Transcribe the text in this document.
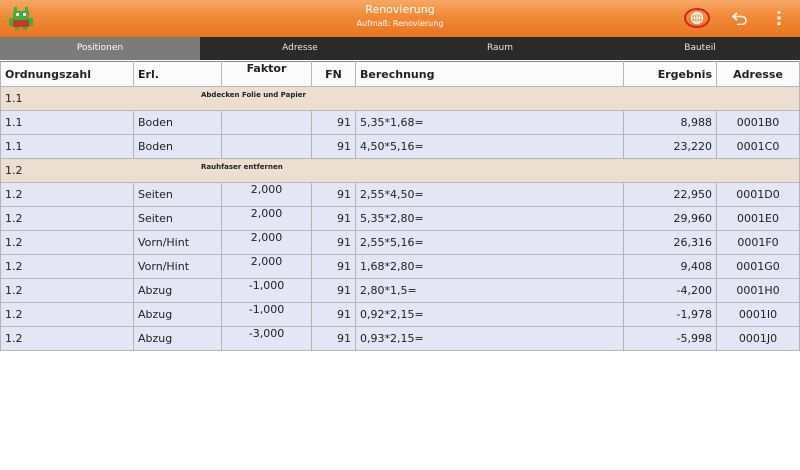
Renovierung
Aufmaß: Renovierung
Positionen	Adresse	Raum	Bauteil
Ordnungszahl	Erl.	Faktor	FN	Berechnung	Ergebnis	Adresse
1.1 Abdecken Folie und Papier						

1.1	Boden		91	5,35*1,68=	8,988	0001B0
1.1	Boden		91	4,50*5,16=	23,220	0001C0
1.2 Rauhfaser entfernen						

1.2	Seiten	2,000	91	2,55*4,50=	22,950	0001D0
1.2	Seiten	2,000	91	5,35*2,80=	29,960	0001E0
1.2	Vorn/Hint	2,000	91	2,55*5,16=	26,316	0001F0
1.2	Vorn/Hint	2,000	91	1,68*2,80=	9,408	0001G0
1.2	Abzug	-1,000	91	2,80*1,5=	-4,200	0001H0
1.2	Abzug	-1,000	91	0,92*2,15=	-1,978	0001I0
1.2	Abzug	-3,000	91	0,93*2,15=	-5,998	0001J0
